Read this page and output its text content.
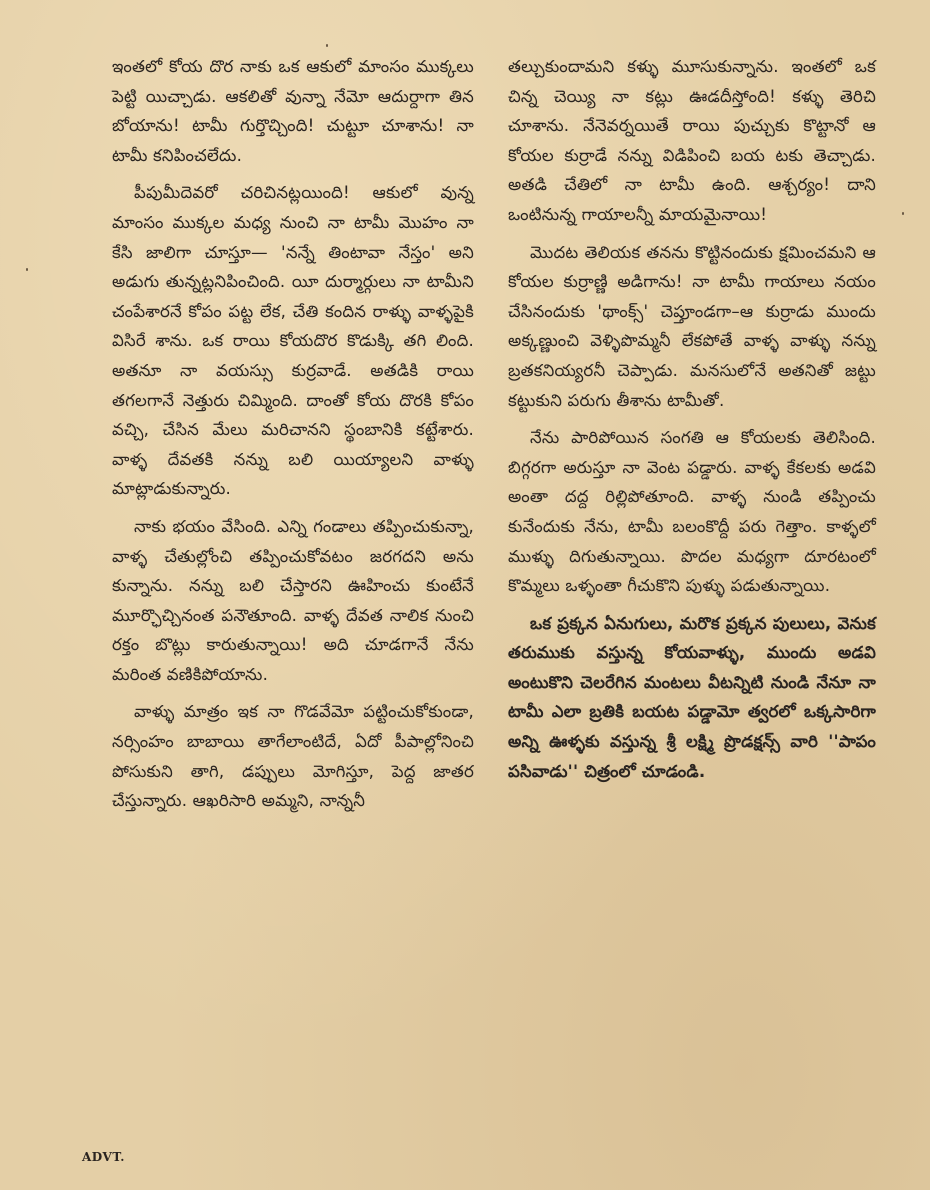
ఇంతలో కోయ దొర నాకు ఒక ఆకులో మాంసం ముక్కలు పెట్టి యిచ్చాడు. ఆకలితో వున్నా నేమో ఆదుర్దాగా తిన బోయాను! టామీ గుర్తొచ్చింది! చుట్టూ చూశాను! నా టామీ కనిపించలేదు.

పీపుమీదెవరో చరిచినట్లయింది! ఆకులో వున్న మాంసం ముక్కల మధ్య నుంచి నా టామీ మొహం నా కేసి జాలిగా చూస్తూ— 'నన్నే తింటావా నేస్తం' అని అడుగు తున్నట్లనిపించింది. యీ దుర్మార్గులు నా టామీని చంపేశారనే కోపం పట్ట లేక, చేతి కందిన రాళ్ళు వాళ్ళపైకి విసిరే శాను. ఒక రాయి కోయదొర కొడుక్కి తగి లింది. అతనూ నా వయస్సు కుర్రవాడే. అతడికి రాయి తగలగానే నెత్తురు చిమ్మింది. దాంతో కోయ దొరకి కోపం వచ్చి, చేసిన మేలు మరిచానని స్థంబానికి కట్టేశారు. వాళ్ళ దేవతకి నన్ను బలి యియ్యాలని వాళ్ళు మాట్లాడుకున్నారు.

నాకు భయం వేసింది. ఎన్ని గండాలు తప్పించుకున్నా, వాళ్ళ చేతుల్లోంచి తప్పించుకోవటం జరగదని అను కున్నాను. నన్ను బలి చేస్తారని ఊహించు కుంటేనే మూర్ఛొచ్చినంత పనౌతూంది. వాళ్ళ దేవత నాలిక నుంచి రక్తం బొట్లు కారుతున్నాయి! అది చూడగానే నేను మరింత వణికిపోయాను.

వాళ్ళు మాత్రం ఇక నా గొడవేమో పట్టించుకోకుండా, నర్సింహం బాబాయి తాగేలాంటిదే, ఏదో పీపాల్లోనించి పోసుకుని తాగి, డప్పులు మోగిస్తూ, పెద్ద జాతర చేస్తున్నారు. ఆఖరిసారి అమ్మని, నాన్ననీ

తల్చుకుందామని కళ్ళు మూసుకున్నాను. ఇంతలో ఒక చిన్న చెయ్యి నా కట్లు ఊడదీస్తోంది! కళ్ళు తెరిచి చూశాను. నేనెవర్నయితే రాయి పుచ్చుకు కొట్టానో ఆ కోయల కుర్రాడే నన్ను విడిపించి బయ టకు తెచ్చాడు. అతడి చేతిలో నా టామీ ఉంది. ఆశ్చర్యం! దాని ఒంటినున్న గాయాలన్నీ మాయమైనాయి!

మొదట తెలియక తనను కొట్టినందుకు క్షమించమని ఆ కోయల కుర్రాణ్ణి అడిగాను! నా టామీ గాయాలు నయం చేసినందుకు 'థాంక్స్' చెప్తూండగా–ఆ కుర్రాడు ముందు అక్కణ్ణుంచి వెళ్ళిపొమ్మనీ లేకపోతే వాళ్ళ వాళ్ళు నన్ను బ్రతకనియ్యరనీ చెప్పాడు. మనసులోనే అతనితో జట్టు కట్టుకుని పరుగు తీశాను టామీతో.

నేను పారిపోయిన సంగతి ఆ కోయలకు తెలిసింది. బిగ్గరగా అరుస్తూ నా వెంట పడ్డారు. వాళ్ళ కేకలకు అడవి అంతా దద్ద రిల్లిపోతూంది. వాళ్ళ నుండి తప్పించు కునేందుకు నేను, టామీ బలంకొద్దీ పరు గెత్తాం. కాళ్ళలో ముళ్ళు దిగుతున్నాయి. పొదల మధ్యగా దూరటంలో కొమ్మలు ఒళ్ళంతా గీచుకొని పుళ్ళు పడుతున్నాయి.

ఒక ప్రక్కన ఏనుగులు, మరొక ప్రక్కన పులులు, వెనుక తరుముకు వస్తున్న కోయవాళ్ళు, ముందు అడవి అంటుకొని చెలరేగిన మంటలు వీటన్నిటి నుండి నేనూ నా టామీ ఎలా బ్రతికి బయట పడ్డామో త్వరలో ఒక్కసారిగా అన్ని ఊళ్ళకు వస్తున్న శ్రీ లక్ష్మి ప్రొడక్షన్స్ వారి ''పాపం పసివాడు'' చిత్రంలో చూడండి.

ADVT.
